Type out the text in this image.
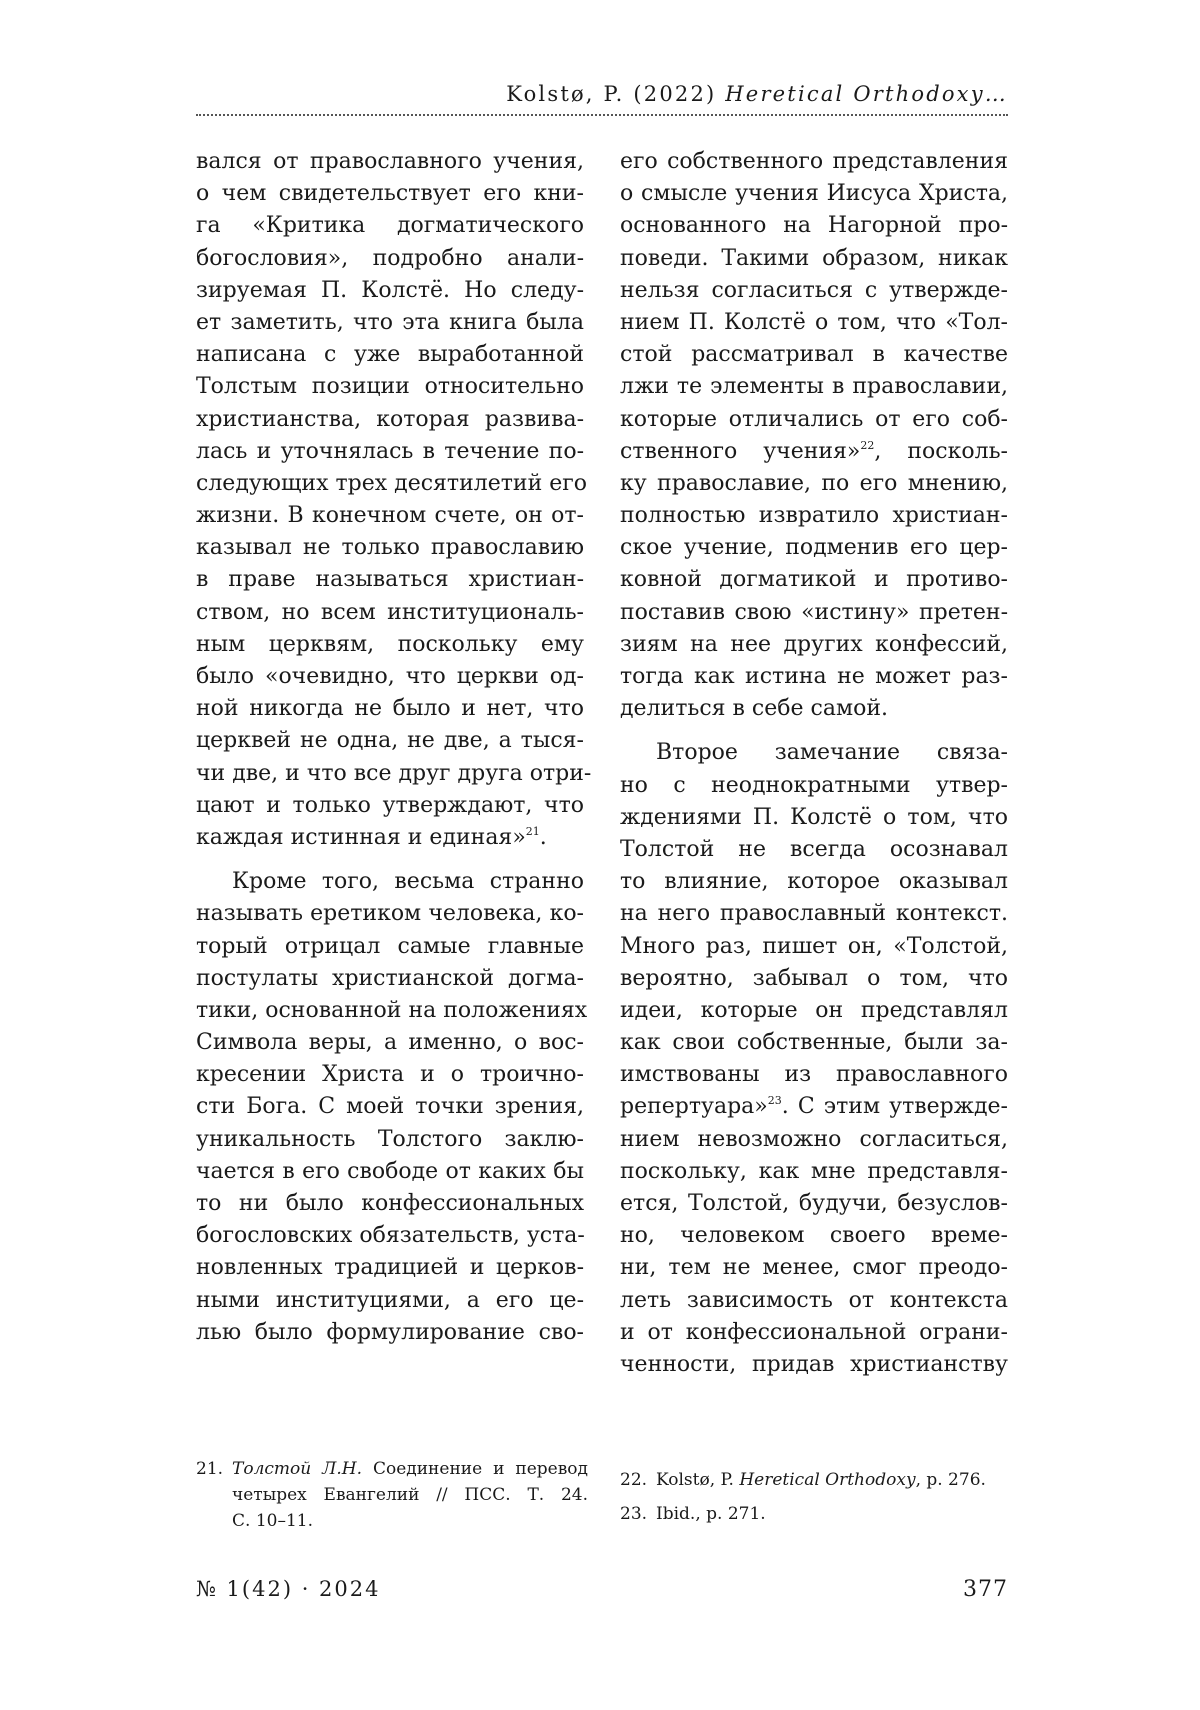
Kolstø, P. (2022) Heretical Orthodoxy…
вался от православного учения,
о чем свидетельствует его кни-
га «Критика догматического
богословия», подробно анали-
зируемая П. Колстё. Но следу-
ет заметить, что эта книга была
написана с уже выработанной
Толстым позиции относительно
христианства, которая развива-
лась и уточнялась в течение по-
следующих трех десятилетий его
жизни. В конечном счете, он от-
казывал не только православию
в праве называться христиан-
ством, но всем институциональ-
ным церквям, поскольку ему
было «очевидно, что церкви од-
ной никогда не было и нет, что
церквей не одна, не две, а тыся-
чи две, и что все друг друга отри-
цают и только утверждают, что
каждая истинная и единая»$^{21}$.
Кроме того, весьма странно
называть еретиком человека, ко-
торый отрицал самые главные
постулаты христианской догма-
тики, основанной на положениях
Символа веры, а именно, о вос-
кресении Христа и о троично-
сти Бога. С моей точки зрения,
уникальность Толстого заклю-
чается в его свободе от каких бы
то ни было конфессиональных
богословских обязательств, уста-
новленных традицией и церков-
ными институциями, а его це-
лью было формулирование сво-
его собственного представления
о смысле учения Иисуса Христа,
основанного на Нагорной про-
поведи. Такими образом, никак
нельзя согласиться с утвержде-
нием П. Колстё о том, что «Тол-
стой рассматривал в качестве
лжи те элементы в православии,
которые отличались от его соб-
ственного учения»$^{22}$, посколь-
ку православие, по его мнению,
полностью извратило христиан-
ское учение, подменив его цер-
ковной догматикой и противо-
поставив свою «истину» претен-
зиям на нее других конфессий,
тогда как истина не может раз-
делиться в себе самой.
Второе замечание связа-
но с неоднократными утвер-
ждениями П. Колстё о том, что
Толстой не всегда осознавал
то влияние, которое оказывал
на него православный контекст.
Много раз, пишет он, «Толстой,
вероятно, забывал о том, что
идеи, которые он представлял
как свои собственные, были за-
имствованы из православного
репертуара»$^{23}$. С этим утвержде-
нием невозможно согласиться,
поскольку, как мне представля-
ется, Толстой, будучи, безуслов-
но, человеком своего време-
ни, тем не менее, смог преодо-
леть зависимость от контекста
и от конфессиональной ограни-
ченности, придав христианству
21. Толстой Л.Н. Соединение и перевод
четырех Евангелий // ПСС. Т. 24.
С. 10–11.
22. Kolstø, P. Heretical Orthodoxy, p. 276.
23. Ibid., p. 271.
№ 1(42) · 2024	377
